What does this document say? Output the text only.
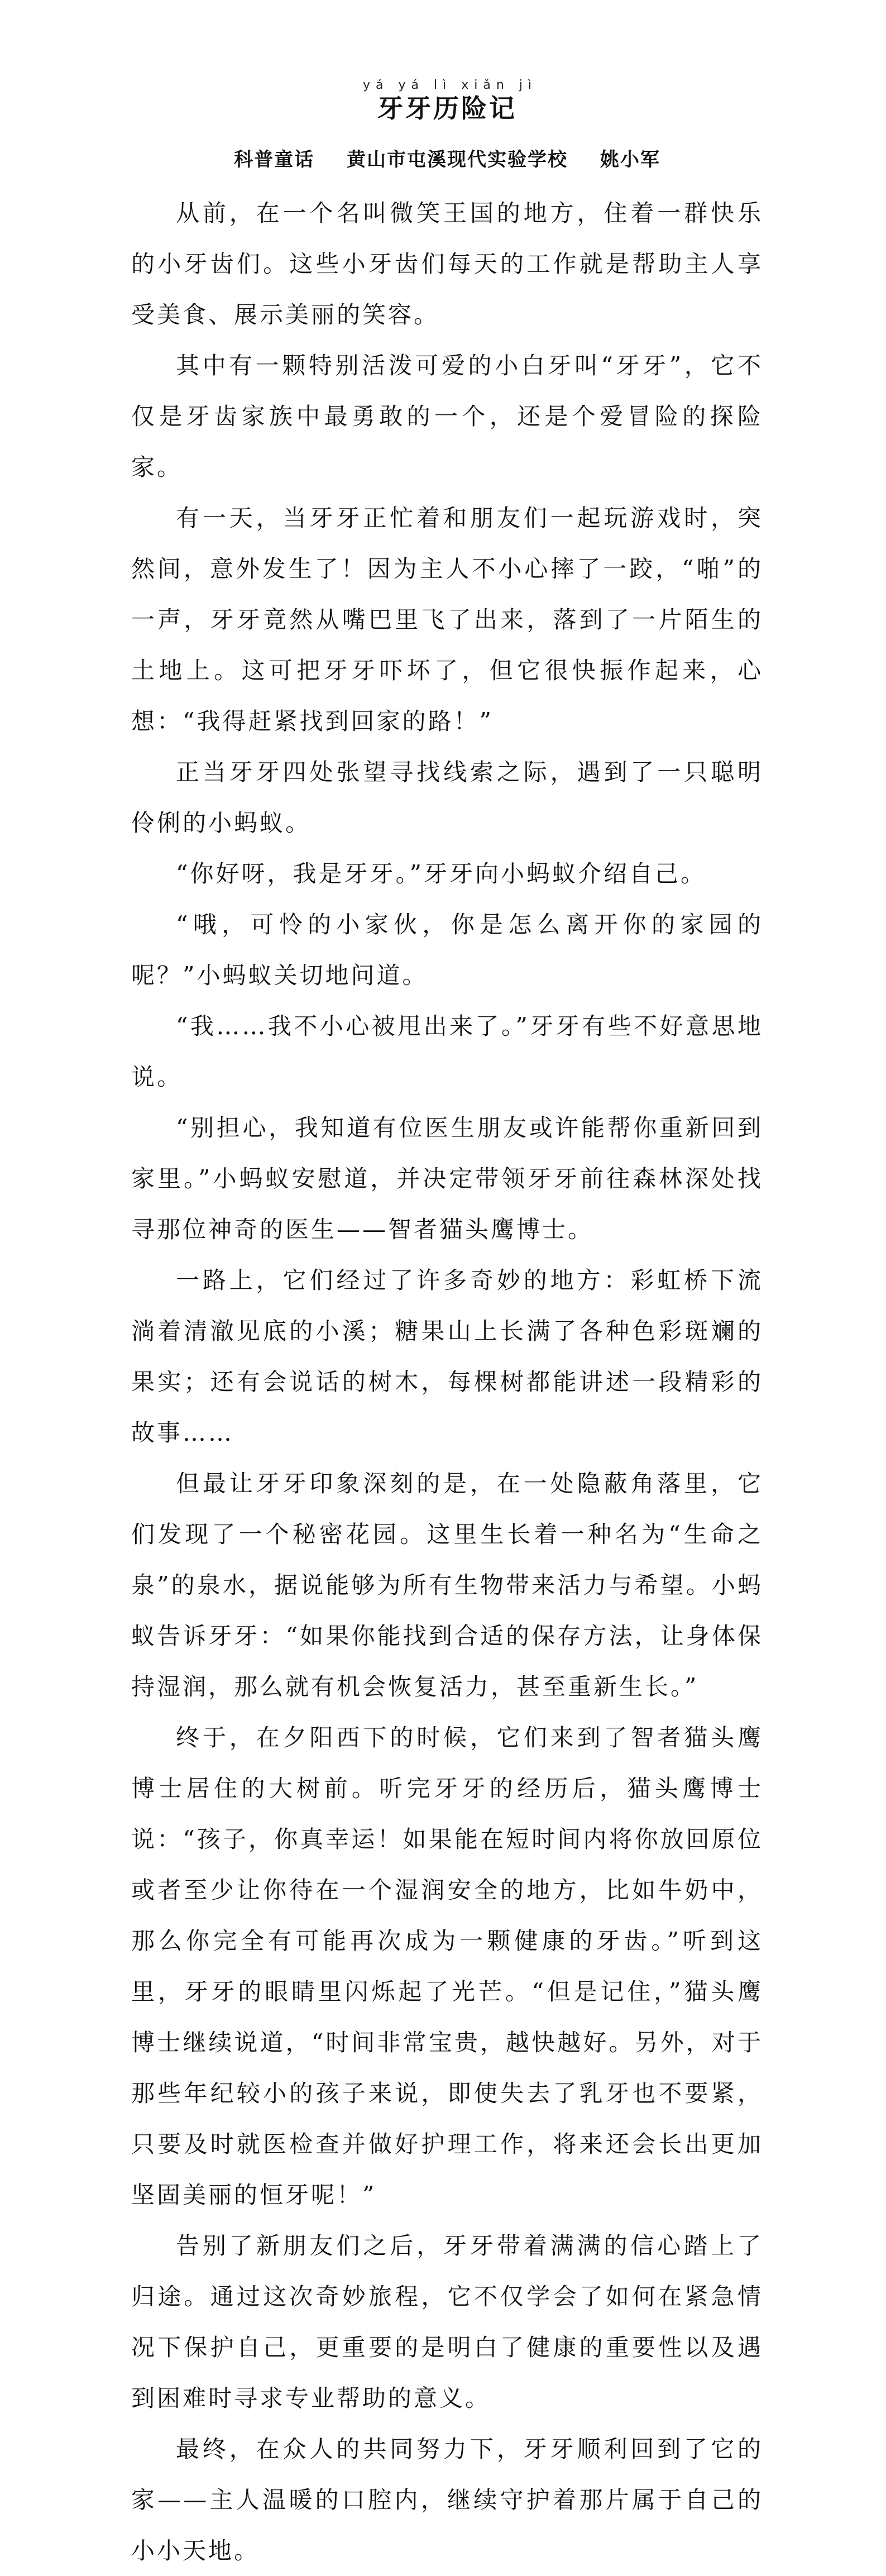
yá yá lì xiǎn jì
牙牙历险记
科普童话 黄山市屯溪现代实验学校 姚小军

从前，在一个名叫微笑王国的地方，住着一群快乐的小牙齿们。这些小牙齿们每天的工作就是帮助主人享受美食、展示美丽的笑容。

其中有一颗特别活泼可爱的小白牙叫“牙牙”，它不仅是牙齿家族中最勇敢的一个，还是个爱冒险的探险家。

有一天，当牙牙正忙着和朋友们一起玩游戏时，突然间，意外发生了！因为主人不小心摔了一跤，“啪”的一声，牙牙竟然从嘴巴里飞了出来，落到了一片陌生的土地上。这可把牙牙吓坏了，但它很快振作起来，心想：“我得赶紧找到回家的路！”

正当牙牙四处张望寻找线索之际，遇到了一只聪明伶俐的小蚂蚁。

“你好呀，我是牙牙。”牙牙向小蚂蚁介绍自己。

“哦，可怜的小家伙，你是怎么离开你的家园的呢？”小蚂蚁关切地问道。

“我……我不小心被甩出来了。”牙牙有些不好意思地说。

“别担心，我知道有位医生朋友或许能帮你重新回到家里。”小蚂蚁安慰道，并决定带领牙牙前往森林深处找寻那位神奇的医生——智者猫头鹰博士。

一路上，它们经过了许多奇妙的地方：彩虹桥下流淌着清澈见底的小溪；糖果山上长满了各种色彩斑斓的果实；还有会说话的树木，每棵树都能讲述一段精彩的故事……

但最让牙牙印象深刻的是，在一处隐蔽角落里，它们发现了一个秘密花园。这里生长着一种名为“生命之泉”的泉水，据说能够为所有生物带来活力与希望。小蚂蚁告诉牙牙：“如果你能找到合适的保存方法，让身体保持湿润，那么就有机会恢复活力，甚至重新生长。”

终于，在夕阳西下的时候，它们来到了智者猫头鹰博士居住的大树前。听完牙牙的经历后，猫头鹰博士说：“孩子，你真幸运！如果能在短时间内将你放回原位或者至少让你待在一个湿润安全的地方，比如牛奶中，那么你完全有可能再次成为一颗健康的牙齿。”听到这里，牙牙的眼睛里闪烁起了光芒。“但是记住，”猫头鹰博士继续说道，“时间非常宝贵，越快越好。另外，对于那些年纪较小的孩子来说，即使失去了乳牙也不要紧，只要及时就医检查并做好护理工作，将来还会长出更加坚固美丽的恒牙呢！”

告别了新朋友们之后，牙牙带着满满的信心踏上了归途。通过这次奇妙旅程，它不仅学会了如何在紧急情况下保护自己，更重要的是明白了健康的重要性以及遇到困难时寻求专业帮助的意义。

最终，在众人的共同努力下，牙牙顺利回到了它的家——主人温暖的口腔内，继续守护着那片属于自己的小小天地。
